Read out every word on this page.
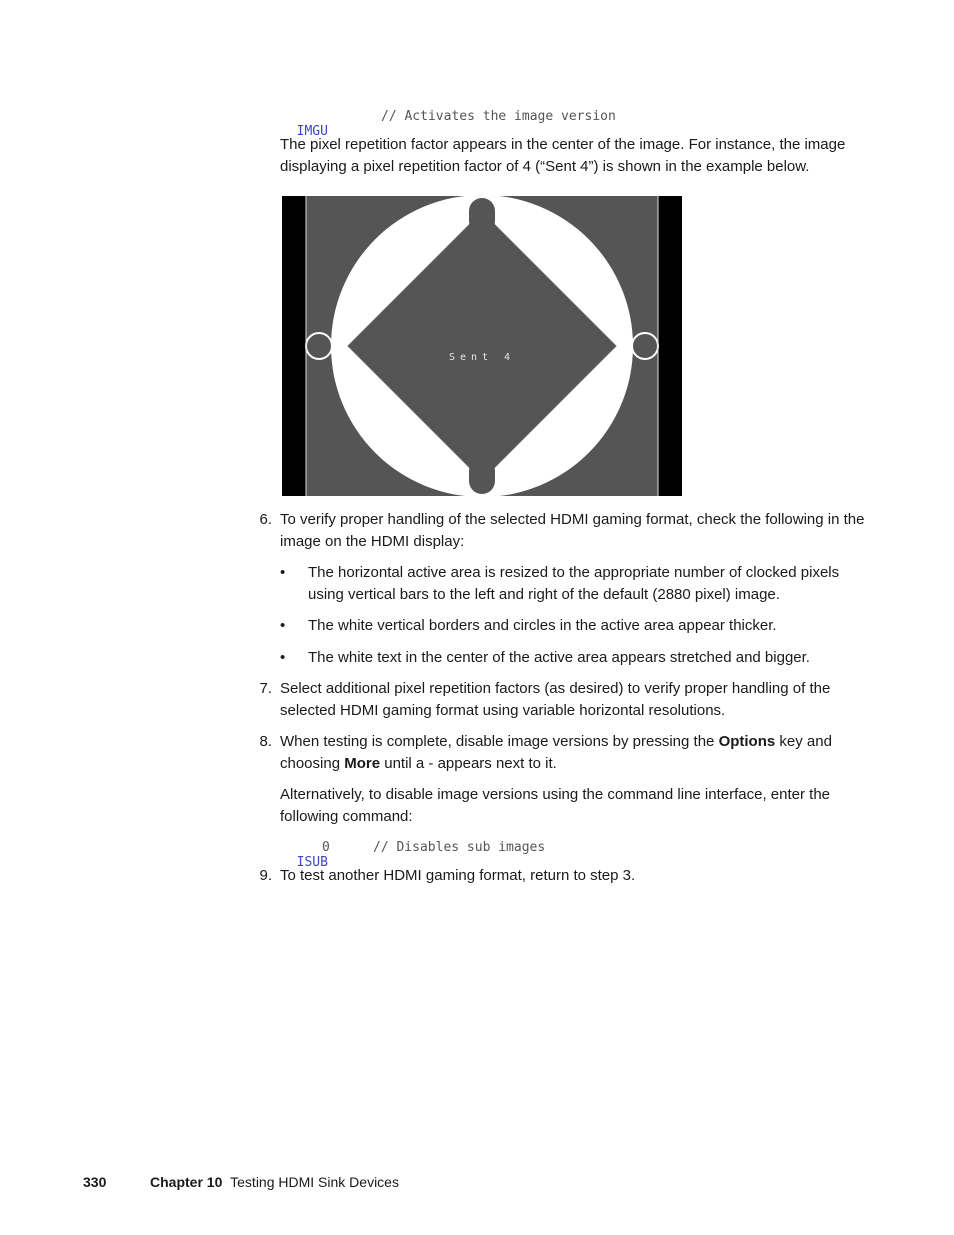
IMGU
// Activates the image version

The pixel repetition factor appears in the center of the image. For instance, the image displaying a pixel repetition factor of 4 (“Sent 4”) is shown in the example below.
Sent 4
6. To verify proper handling of the selected HDMI gaming format, check the following in the image on the HDMI display:
•	The horizontal active area is resized to the appropriate number of clocked pixels using vertical bars to the left and right of the default (2880 pixel) image.
•	The white vertical borders and circles in the active area appear thicker.
•	The white text in the center of the active area appears stretched and bigger.
7. Select additional pixel repetition factors (as desired) to verify proper handling of the selected HDMI gaming format using variable horizontal resolutions.
8. When testing is complete, disable image versions by pressing the Options key and choosing More until a - appears next to it.
Alternatively, to disable image versions using the command line interface, enter the following command:

ISUB
0	// Disables sub images

9. To test another HDMI gaming format, return to step 3.
330	Chapter 10 Testing HDMI Sink Devices
